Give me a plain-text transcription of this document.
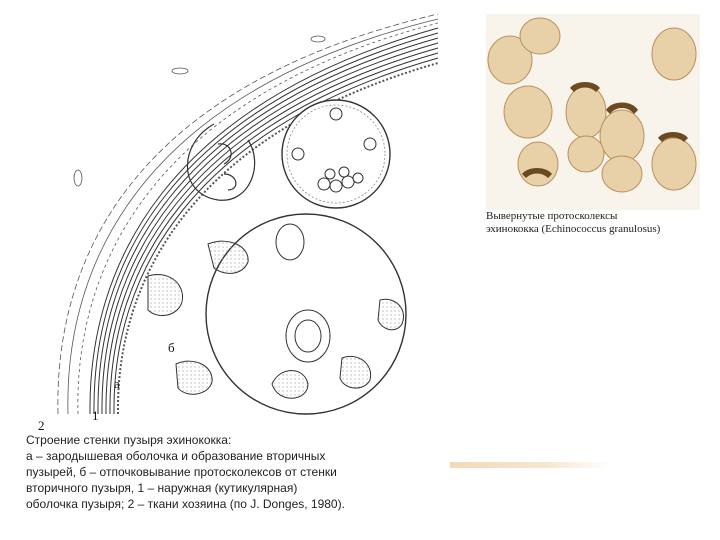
а
б
1
2
Строение стенки пузыря эхинококка:
а – зародышевая оболочка и образование вторичных
пузырей, б – отпочковывание протосколексов от стенки
вторичного пузыря, 1 – наружная (кутикулярная)
оболочка пузыря; 2 – ткани хозяина (по J. Donges, 1980).
Вывернутые протосколексы
эхинококка (Echinococcus granulosus)
